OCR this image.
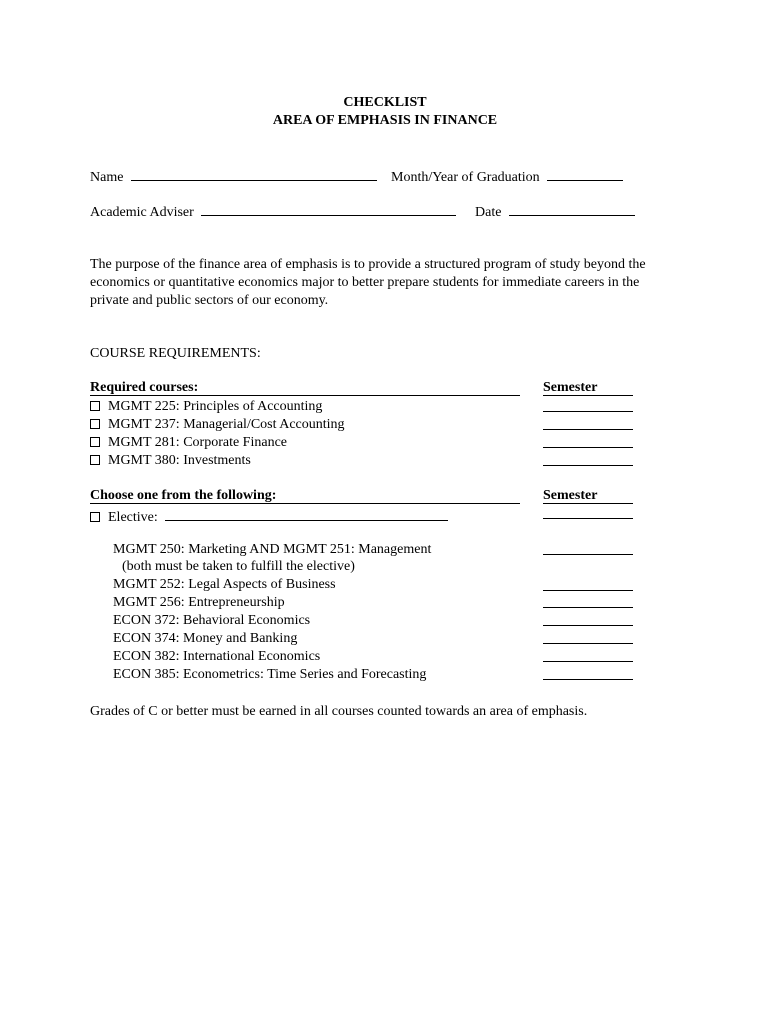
CHECKLIST
AREA OF EMPHASIS IN FINANCE
Name	Month/Year of Graduation
Academic Adviser	Date
The purpose of the finance area of emphasis is to provide a structured program of study beyond the economics or quantitative economics major to better prepare students for immediate careers in the private and public sectors of our economy.
COURSE REQUIREMENTS:
Required courses:	Semester
MGMT 225: Principles of Accounting
MGMT 237: Managerial/Cost Accounting
MGMT 281: Corporate Finance
MGMT 380: Investments
Choose one from the following:	Semester
Elective:
MGMT 250: Marketing AND MGMT 251: Management
(both must be taken to fulfill the elective)
MGMT 252: Legal Aspects of Business
MGMT 256: Entrepreneurship
ECON 372: Behavioral Economics
ECON 374: Money and Banking
ECON 382: International Economics
ECON 385: Econometrics: Time Series and Forecasting
Grades of C or better must be earned in all courses counted towards an area of emphasis.
